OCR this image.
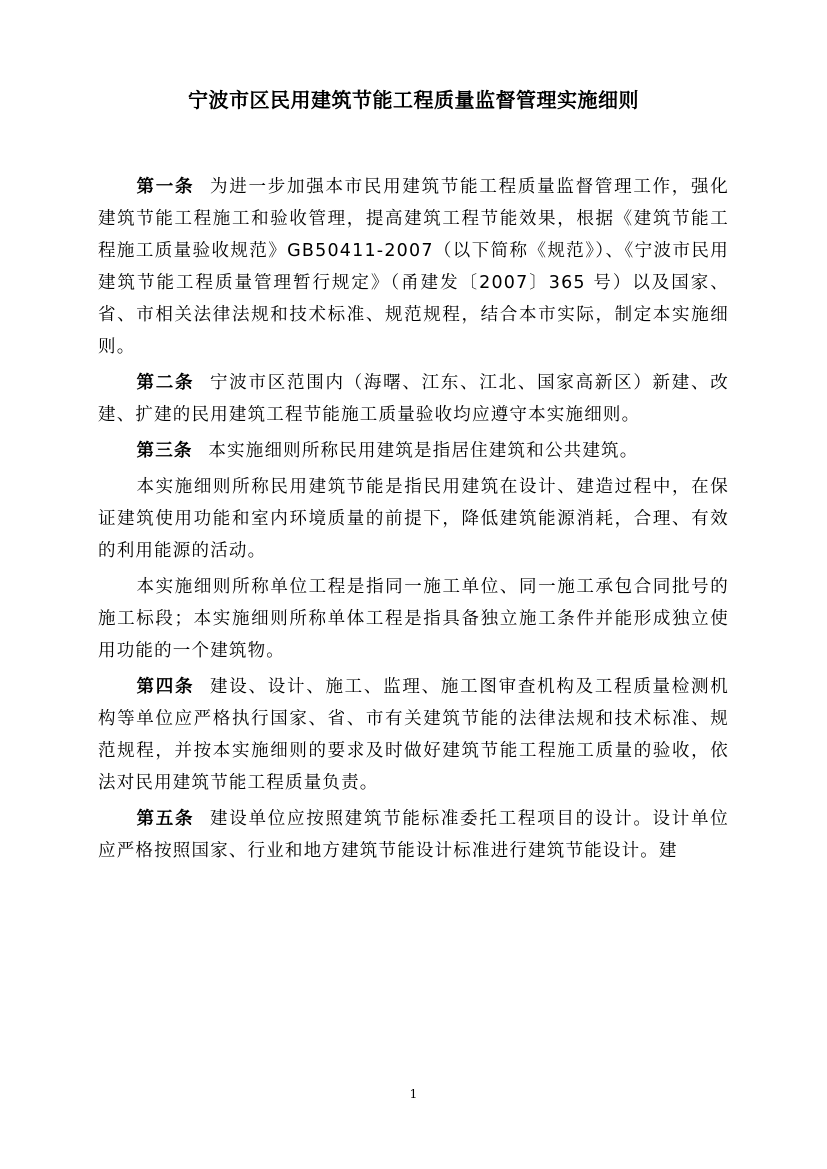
宁波市区民用建筑节能工程质量监督管理实施细则

第一条 为进一步加强本市民用建筑节能工程质量监督管理工作，强化建筑节能工程施工和验收管理，提高建筑工程节能效果，根据《建筑节能工程施工质量验收规范》GB50411-2007（以下简称《规范》）、《宁波市民用建筑节能工程质量管理暂行规定》（甬建发〔2007〕365 号）以及国家、省、市相关法律法规和技术标准、规范规程，结合本市实际，制定本实施细则。

第二条 宁波市区范围内（海曙、江东、江北、国家高新区）新建、改建、扩建的民用建筑工程节能施工质量验收均应遵守本实施细则。

第三条 本实施细则所称民用建筑是指居住建筑和公共建筑。

本实施细则所称民用建筑节能是指民用建筑在设计、建造过程中，在保证建筑使用功能和室内环境质量的前提下，降低建筑能源消耗，合理、有效的利用能源的活动。

本实施细则所称单位工程是指同一施工单位、同一施工承包合同批号的施工标段；本实施细则所称单体工程是指具备独立施工条件并能形成独立使用功能的一个建筑物。

第四条 建设、设计、施工、监理、施工图审查机构及工程质量检测机构等单位应严格执行国家、省、市有关建筑节能的法律法规和技术标准、规范规程，并按本实施细则的要求及时做好建筑节能工程施工质量的验收，依法对民用建筑节能工程质量负责。

第五条 建设单位应按照建筑节能标准委托工程项目的设计。设计单位应严格按照国家、行业和地方建筑节能设计标准进行建筑节能设计。建

1
